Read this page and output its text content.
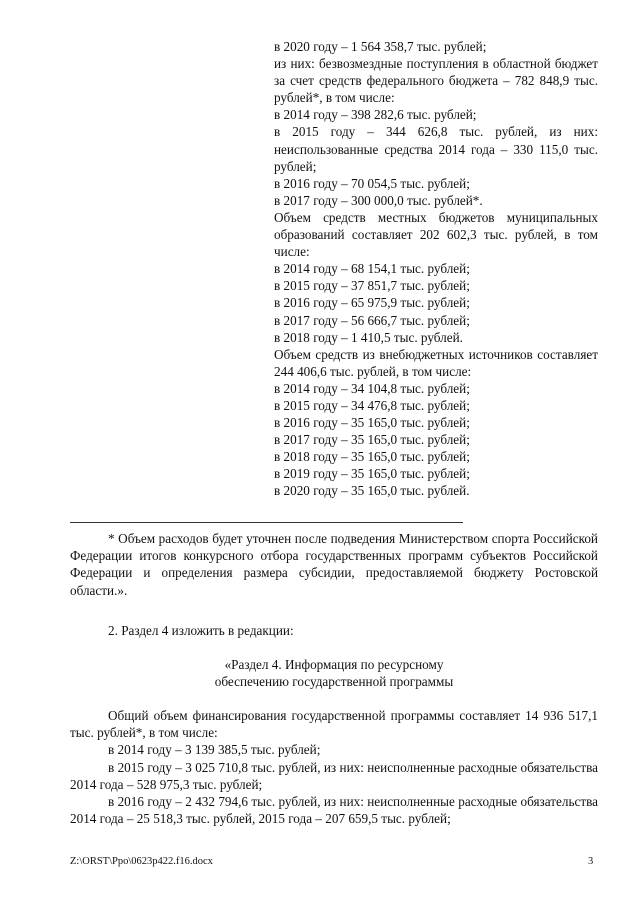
в 2020 году – 1 564 358,7 тыс. рублей;

из них: безвозмездные поступления в областной бюджет за счет средств федерального бюджета – 782 848,9 тыс. рублей*, в том числе:

в 2014 году – 398 282,6 тыс. рублей;

в 2015 году – 344 626,8 тыс. рублей, из них: неиспользованные средства 2014 года – 330 115,0 тыс. рублей;

в 2016 году – 70 054,5 тыс. рублей;

в 2017 году – 300 000,0 тыс. рублей*.

Объем средств местных бюджетов муниципальных образований составляет 202 602,3 тыс. рублей, в том числе:

в 2014 году – 68 154,1 тыс. рублей;

в 2015 году – 37 851,7 тыс. рублей;

в 2016 году – 65 975,9 тыс. рублей;

в 2017 году – 56 666,7 тыс. рублей;

в 2018 году – 1 410,5 тыс. рублей.

Объем средств из внебюджетных источников составляет 244 406,6 тыс. рублей, в том числе:

в 2014 году – 34 104,8 тыс. рублей;

в 2015 году – 34 476,8 тыс. рублей;

в 2016 году – 35 165,0 тыс. рублей;

в 2017 году – 35 165,0 тыс. рублей;

в 2018 году – 35 165,0 тыс. рублей;

в 2019 году – 35 165,0 тыс. рублей;

в 2020 году – 35 165,0 тыс. рублей.

* Объем расходов будет уточнен после подведения Министерством спорта Российской Федерации итогов конкурсного отбора государственных программ субъектов Российской Федерации и определения размера субсидии, предоставляемой бюджету Ростовской области.».

2. Раздел 4 изложить в редакции:
«Раздел 4. Информация по ресурсному
обеспечению государственной программы

Общий объем финансирования государственной программы составляет 14 936 517,1 тыс. рублей*, в том числе:

в 2014 году – 3 139 385,5 тыс. рублей;

в 2015 году – 3 025 710,8 тыс. рублей, из них: неисполненные расходные обязательства 2014 года – 528 975,3 тыс. рублей;

в 2016 году – 2 432 794,6 тыс. рублей, из них: неисполненные расходные обязательства 2014 года – 25 518,3 тыс. рублей, 2015 года – 207 659,5 тыс. рублей;

Z:\ORST\Ppo\0623p422.f16.docx	3
